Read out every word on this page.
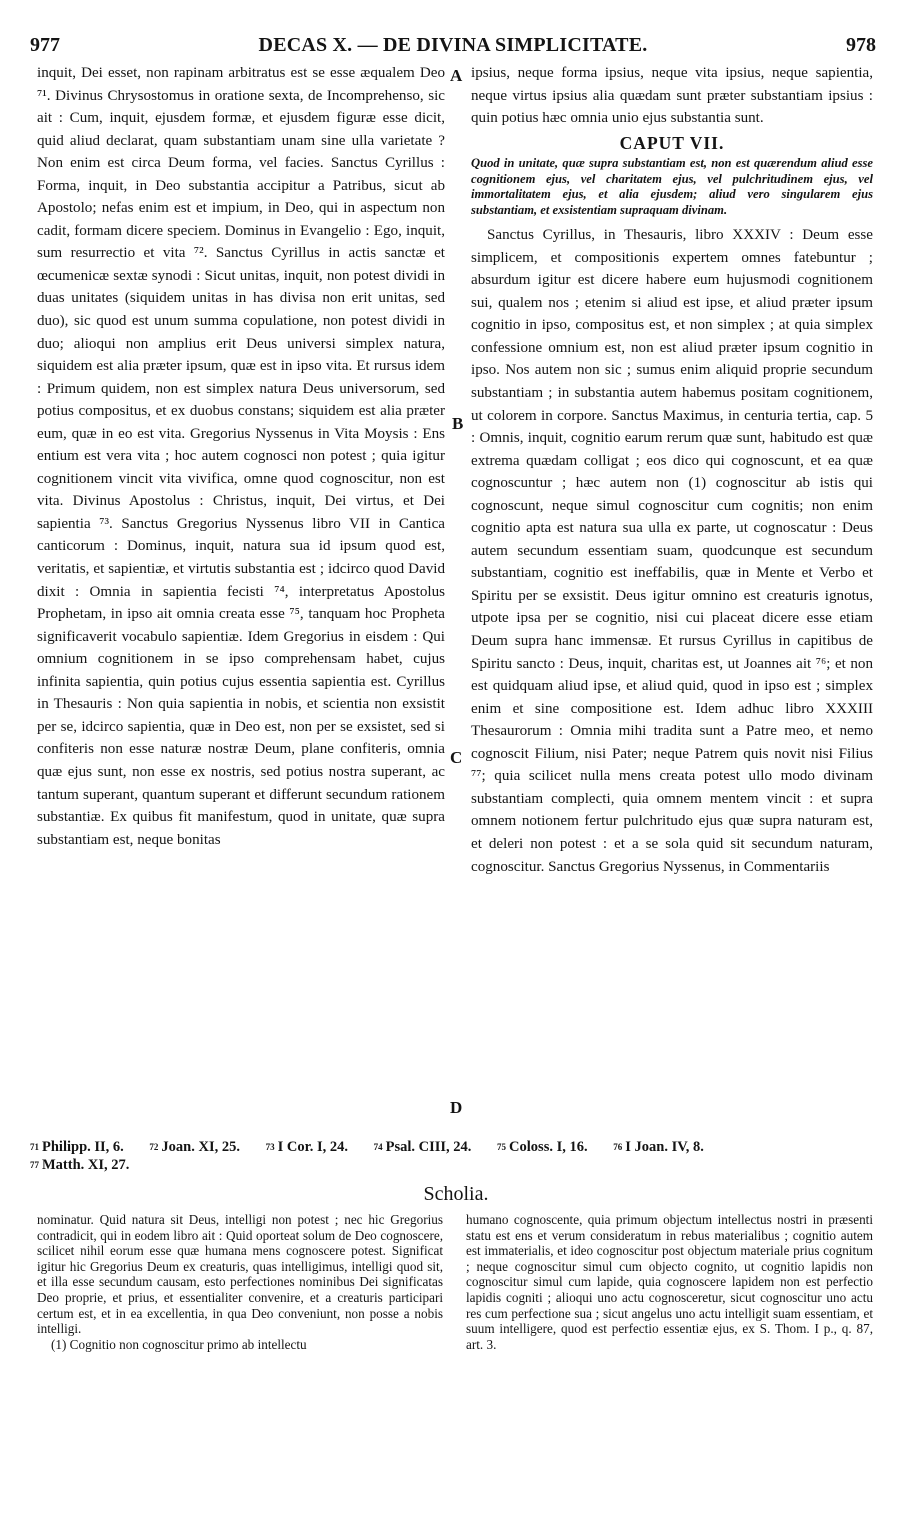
977	DECAS X. — DE DIVINA SIMPLICITATE.	978
A
B
C
D

inquit, Dei esset, non rapinam arbitratus est se esse æqualem Deo ⁷¹. Divinus Chrysostomus in oratione sexta, de Incomprehenso, sic ait : Cum, inquit, ejusdem formæ, et ejusdem figuræ esse dicit, quid aliud declarat, quam substantiam unam sine ulla varietate ? Non enim est circa Deum forma, vel facies. Sanctus Cyrillus : Forma, inquit, in Deo substantia accipitur a Patribus, sicut ab Apostolo; nefas enim est et impium, in Deo, qui in aspectum non cadit, formam dicere speciem. Dominus in Evangelio : Ego, inquit, sum resurrectio et vita ⁷². Sanctus Cyrillus in actis sanctæ et œcumenicæ sextæ synodi : Sicut unitas, inquit, non potest dividi in duas unitates (siquidem unitas in has divisa non erit unitas, sed duo), sic quod est unum summa copulatione, non potest dividi in duo; alioqui non amplius erit Deus universi simplex natura, siquidem est alia præter ipsum, quæ est in ipso vita. Et rursus idem : Primum quidem, non est simplex natura Deus universorum, sed potius compositus, et ex duobus constans; siquidem est alia præter eum, quæ in eo est vita. Gregorius Nyssenus in Vita Moysis : Ens entium est vera vita ; hoc autem cognosci non potest ; quia igitur cognitionem vincit vita vivifica, omne quod cognoscitur, non est vita. Divinus Apostolus : Christus, inquit, Dei virtus, et Dei sapientia ⁷³. Sanctus Gregorius Nyssenus libro VII in Cantica canticorum : Dominus, inquit, natura sua id ipsum quod est, veritatis, et sapientiæ, et virtutis substantia est ; idcirco quod David dixit : Omnia in sapientia fecisti ⁷⁴, interpretatus Apostolus Prophetam, in ipso ait omnia creata esse ⁷⁵, tanquam hoc Propheta significaverit vocabulo sapientiæ. Idem Gregorius in eisdem : Qui omnium cognitionem in se ipso comprehensam habet, cujus infinita sapientia, quin potius cujus essentia sapientia est. Cyrillus in Thesauris : Non quia sapientia in nobis, et scientia non exsistit per se, idcirco sapientia, quæ in Deo est, non per se exsistet, sed si confiteris non esse naturæ nostræ Deum, plane confiteris, omnia quæ ejus sunt, non esse ex nostris, sed potius nostra superant, ac tantum superant, quantum superant et differunt secundum rationem substantiæ. Ex quibus fit manifestum, quod in unitate, quæ supra substantiam est, neque bonitas

ipsius, neque forma ipsius, neque vita ipsius, neque sapientia, neque virtus ipsius alia quædam sunt præter substantiam ipsius : quin potius hæc omnia unio ejus substantia sunt.

CAPUT VII.

Quod in unitate, quæ supra substantiam est, non est quærendum aliud esse cognitionem ejus, vel charitatem ejus, vel pulchritudinem ejus, vel immortalitatem ejus, et alia ejusdem; aliud vero singularem ejus substantiam, et exsistentiam supraquam divinam.

Sanctus Cyrillus, in Thesauris, libro XXXIV : Deum esse simplicem, et compositionis expertem omnes fatebuntur ; absurdum igitur est dicere habere eum hujusmodi cognitionem sui, qualem nos ; etenim si aliud est ipse, et aliud præter ipsum cognitio in ipso, compositus est, et non simplex ; at quia simplex confessione omnium est, non est aliud præter ipsum cognitio in ipso. Nos autem non sic ; sumus enim aliquid proprie secundum substantiam ; in substantia autem habemus positam cognitionem, ut colorem in corpore. Sanctus Maximus, in centuria tertia, cap. 5 : Omnis, inquit, cognitio earum rerum quæ sunt, habitudo est quæ extrema quædam colligat ; eos dico qui cognoscunt, et ea quæ cognoscuntur ; hæc autem non (1) cognoscitur ab istis qui cognoscunt, neque simul cognoscitur cum cognitis; non enim cognitio apta est natura sua ulla ex parte, ut cognoscatur : Deus autem secundum essentiam suam, quodcunque est secundum substantiam, cognitio est ineffabilis, quæ in Mente et Verbo et Spiritu per se exsistit. Deus igitur omnino est creaturis ignotus, utpote ipsa per se cognitio, nisi cui placeat dicere esse etiam Deum supra hanc immensæ. Et rursus Cyrillus in capitibus de Spiritu sancto : Deus, inquit, charitas est, ut Joannes ait ⁷⁶; et non est quidquam aliud ipse, et aliud quid, quod in ipso est ; simplex enim et sine compositione est. Idem adhuc libro XXXIII Thesaurorum : Omnia mihi tradita sunt a Patre meo, et nemo cognoscit Filium, nisi Pater; neque Patrem quis novit nisi Filius ⁷⁷; quia scilicet nulla mens creata potest ullo modo divinam substantiam complecti, quia omnem mentem vincit : et supra omnem notionem fertur pulchritudo ejus quæ supra naturam est, et deleri non potest : et a se sola quid sit secundum naturam, cognoscitur. Sanctus Gregorius Nyssenus, in Commentariis

$^{71}$ Philipp. II, 6.	$^{72}$ Joan. XI, 25.	$^{73}$ I Cor. I, 24.	$^{74}$ Psal. CIII, 24.	$^{75}$ Coloss. I, 16.	$^{76}$ I Joan. IV, 8.
$^{77}$ Matth. XI, 27.
Scholia.

nominatur. Quid natura sit Deus, intelligi non potest ; nec hic Gregorius contradicit, qui in eodem libro ait : Quid oporteat solum de Deo cognoscere, scilicet nihil eorum esse quæ humana mens cognoscere potest. Significat igitur hic Gregorius Deum ex creaturis, quas intelligimus, intelligi quod sit, et illa esse secundum causam, esto perfectiones nominibus Dei significatas Deo proprie, et prius, et essentialiter convenire, et a creaturis participari certum est, et in ea excellentia, in qua Deo conveniunt, non posse a nobis intelligi.

(1) Cognitio non cognoscitur primo ab intellectu

humano cognoscente, quia primum objectum intellectus nostri in præsenti statu est ens et verum consideratum in rebus materialibus ; cognitio autem est immaterialis, et ideo cognoscitur post objectum materiale prius cognitum ; neque cognoscitur simul cum objecto cognito, ut cognitio lapidis non cognoscitur simul cum lapide, quia cognoscere lapidem non est perfectio lapidis cogniti ; alioqui uno actu cognosceretur, sicut cognoscitur uno actu res cum perfectione sua ; sicut angelus uno actu intelligit suam essentiam, et suum intelligere, quod est perfectio essentiæ ejus, ex S. Thom. I p., q. 87, art. 3.
